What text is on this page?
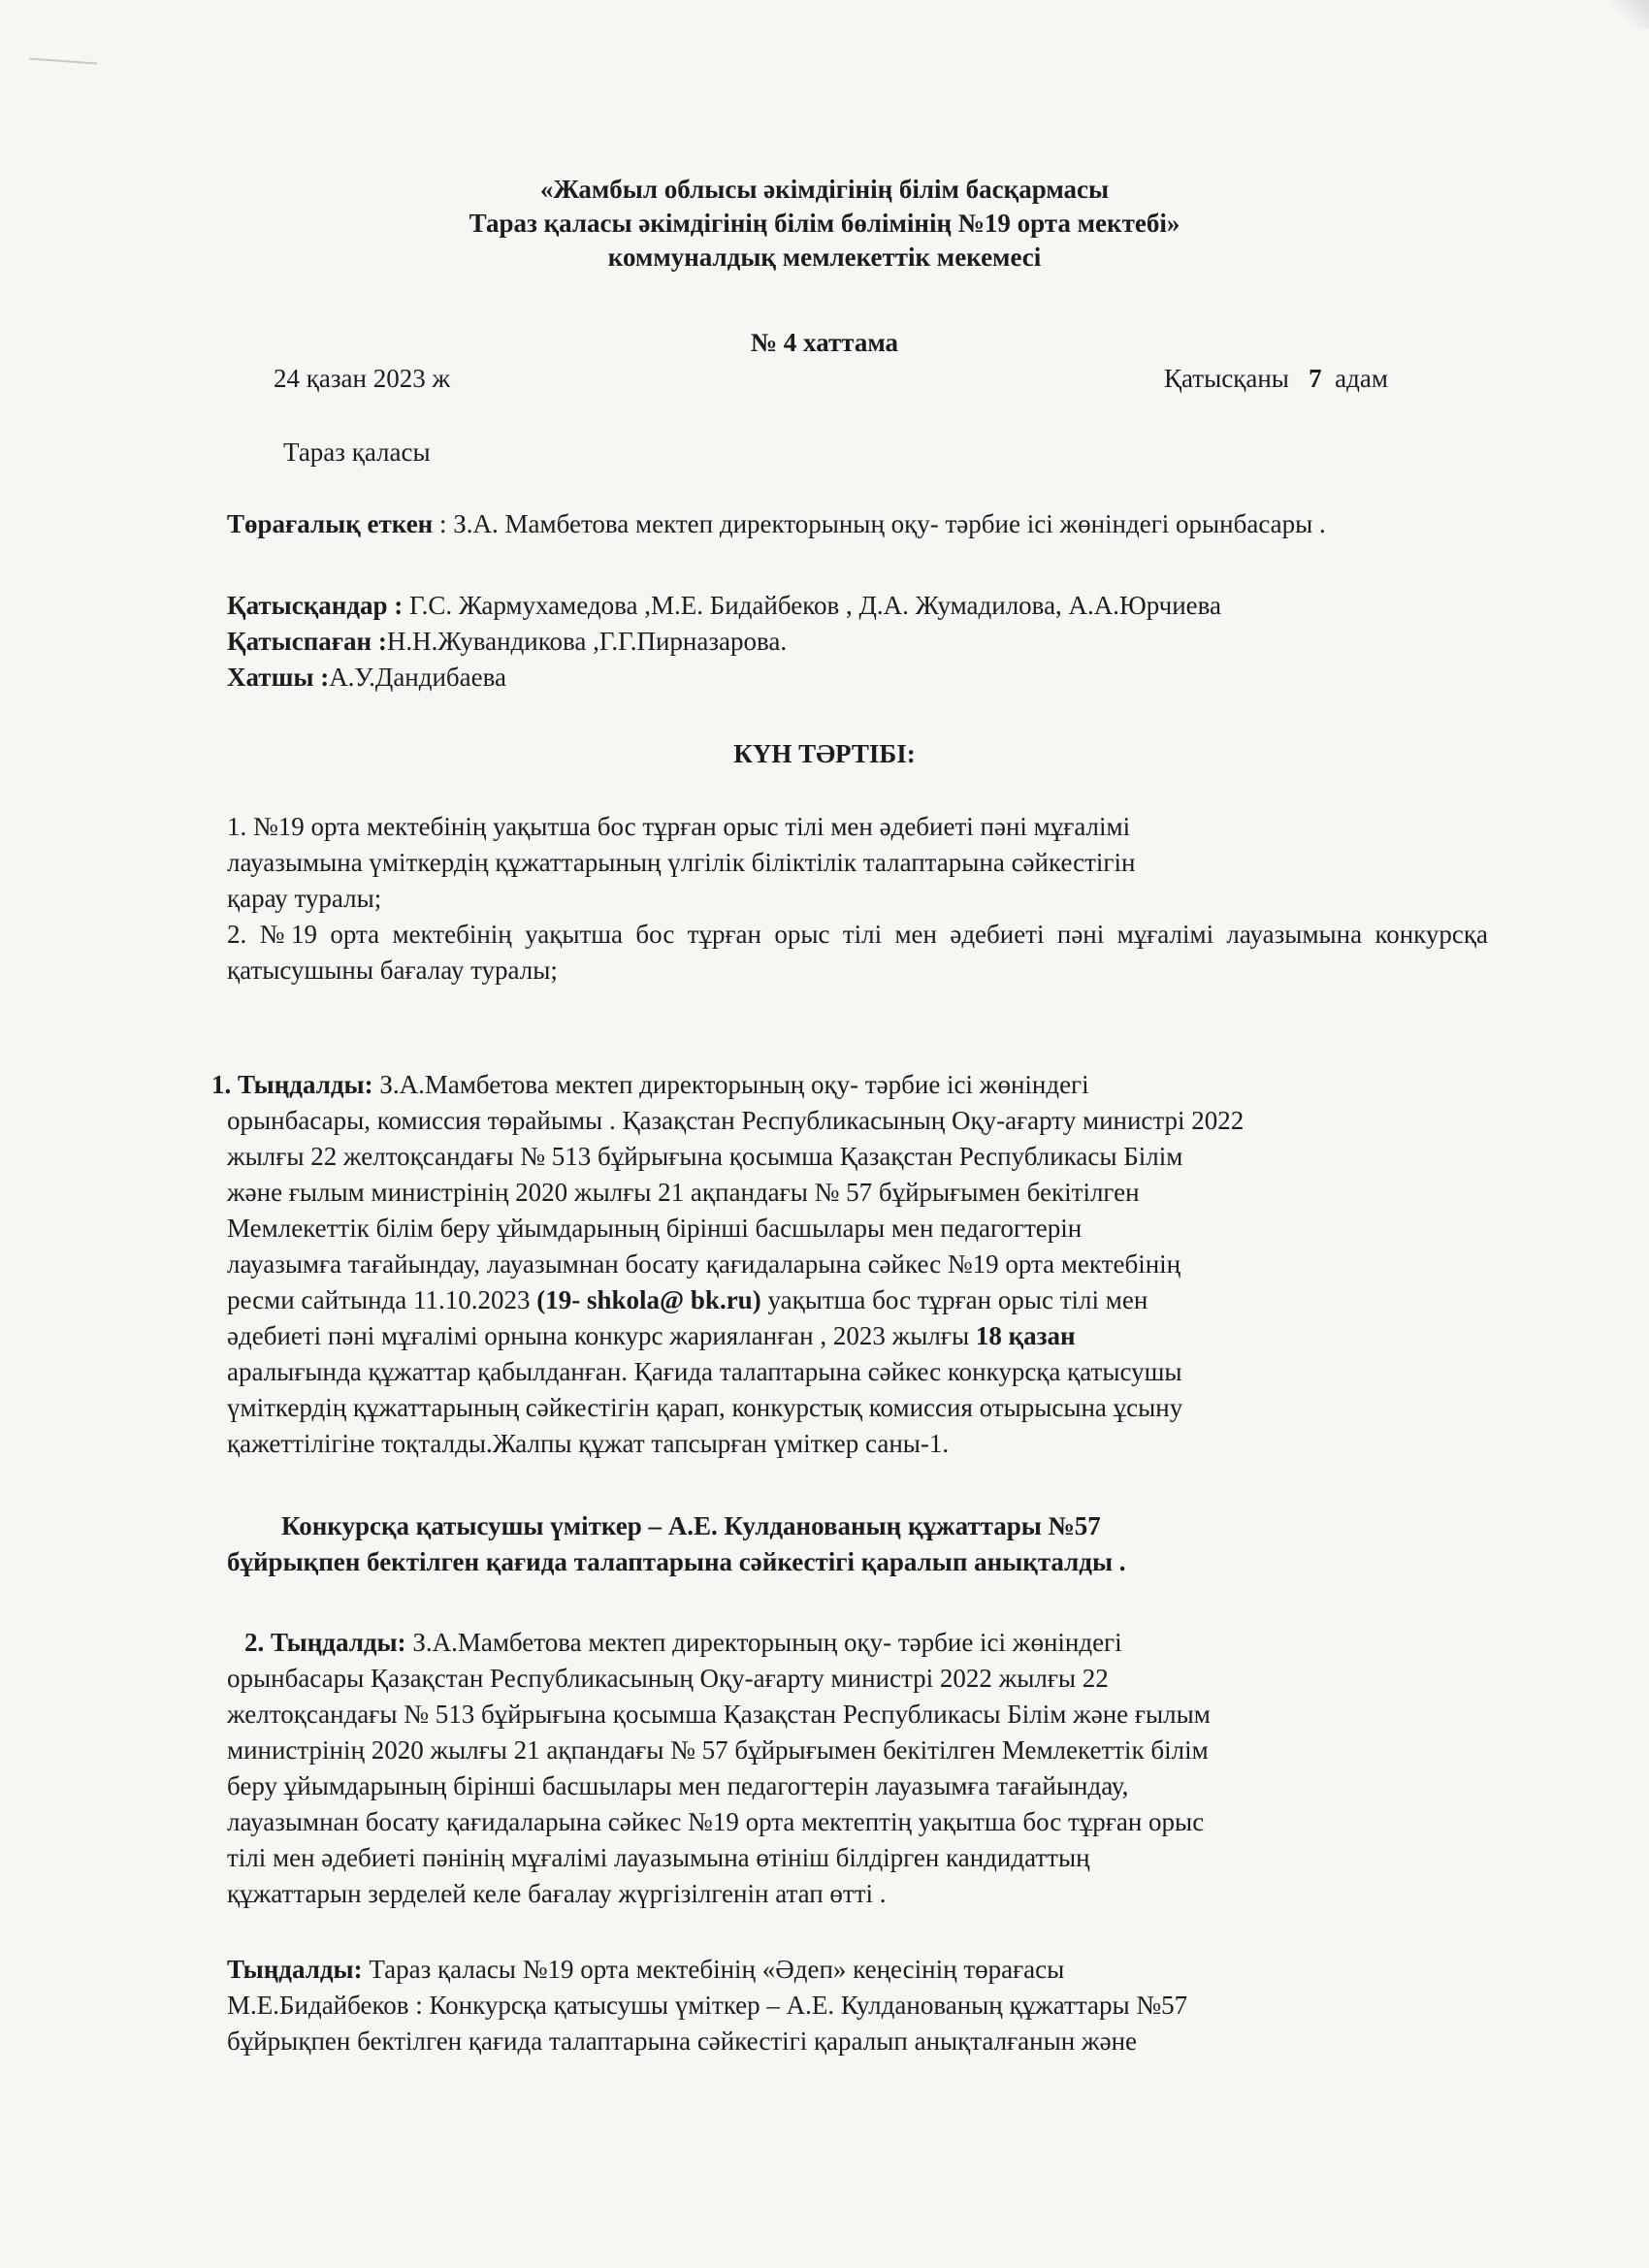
«Жамбыл облысы әкімдігінің білім басқармасы
Тараз қаласы әкімдігінің білім бөлімінің №19 орта мектебі»
коммуналдық мемлекеттік мекемесі
№ 4 хаттама
24 қазан 2023 ж	Қатысқаны 7 адам
Тараз қаласы
Төрағалық еткен : З.А. Мамбетова мектеп директорының оқу- тәрбие ісі жөніндегі орынбасары .
Қатысқандар : Г.С. Жармухамедова ,М.Е. Бидайбеков , Д.А. Жумадилова, А.А.Юрчиева
Қатыспаған :Н.Н.Жувандикова ,Г.Г.Пирназарова.
Хатшы :А.У.Дандибаева
КҮН ТӘРТІБІ:
1. №19 орта мектебінің уақытша бос тұрған орыс тілі мен әдебиеті пәні мұғалімі
лауазымына үміткердің құжаттарының үлгілік біліктілік талаптарына сәйкестігін
қарау туралы;
2. №19 орта мектебінің уақытша бос тұрған орыс тілі мен әдебиеті пәні мұғалімі лауазымына конкурсқа қатысушыны бағалау туралы;
1. Тыңдалды: З.А.Мамбетова мектеп директорының оқу- тәрбие ісі жөніндегі
орынбасары, комиссия төрайымы . Қазақстан Республикасының Оқу-ағарту министрі 2022
жылғы 22 желтоқсандағы № 513 бұйрығына қосымша Қазақстан Республикасы Білім
және ғылым министрінің 2020 жылғы 21 ақпандағы № 57 бұйрығымен бекітілген
Мемлекеттік білім беру ұйымдарының бірінші басшылары мен педагогтерін
лауазымға тағайындау, лауазымнан босату қағидаларына сәйкес №19 орта мектебінің
ресми сайтында 11.10.2023 (19- shkola@ bk.ru) уақытша бос тұрған орыс тілі мен
әдебиеті пәні мұғалімі орнына конкурс жарияланған , 2023 жылғы 18 қазан
аралығында құжаттар қабылданған. Қағида талаптарына сәйкес конкурсқа қатысушы
үміткердің құжаттарының сәйкестігін қарап, конкурстық комиссия отырысына ұсыну
қажеттілігіне тоқталды.Жалпы құжат тапсырған үміткер саны-1.
Конкурсқа қатысушы үміткер – А.Е. Кулданованың құжаттары №57
бұйрықпен бектілген қағида талаптарына сәйкестігі қаралып анықталды .
2. Тыңдалды: З.А.Мамбетова мектеп директорының оқу- тәрбие ісі жөніндегі
орынбасары Қазақстан Республикасының Оқу-ағарту министрі 2022 жылғы 22
желтоқсандағы № 513 бұйрығына қосымша Қазақстан Республикасы Білім және ғылым
министрінің 2020 жылғы 21 ақпандағы № 57 бұйрығымен бекітілген Мемлекеттік білім
беру ұйымдарының бірінші басшылары мен педагогтерін лауазымға тағайындау,
лауазымнан босату қағидаларына сәйкес №19 орта мектептің уақытша бос тұрған орыс
тілі мен әдебиеті пәнінің мұғалімі лауазымына өтініш білдірген кандидаттың
құжаттарын зерделей келе бағалау жүргізілгенін атап өтті .
Тыңдалды: Тараз қаласы №19 орта мектебінің «Әдеп» кеңесінің төрағасы
М.Е.Бидайбеков : Конкурсқа қатысушы үміткер – А.Е. Кулданованың құжаттары №57
бұйрықпен бектілген қағида талаптарына сәйкестігі қаралып анықталғанын және
